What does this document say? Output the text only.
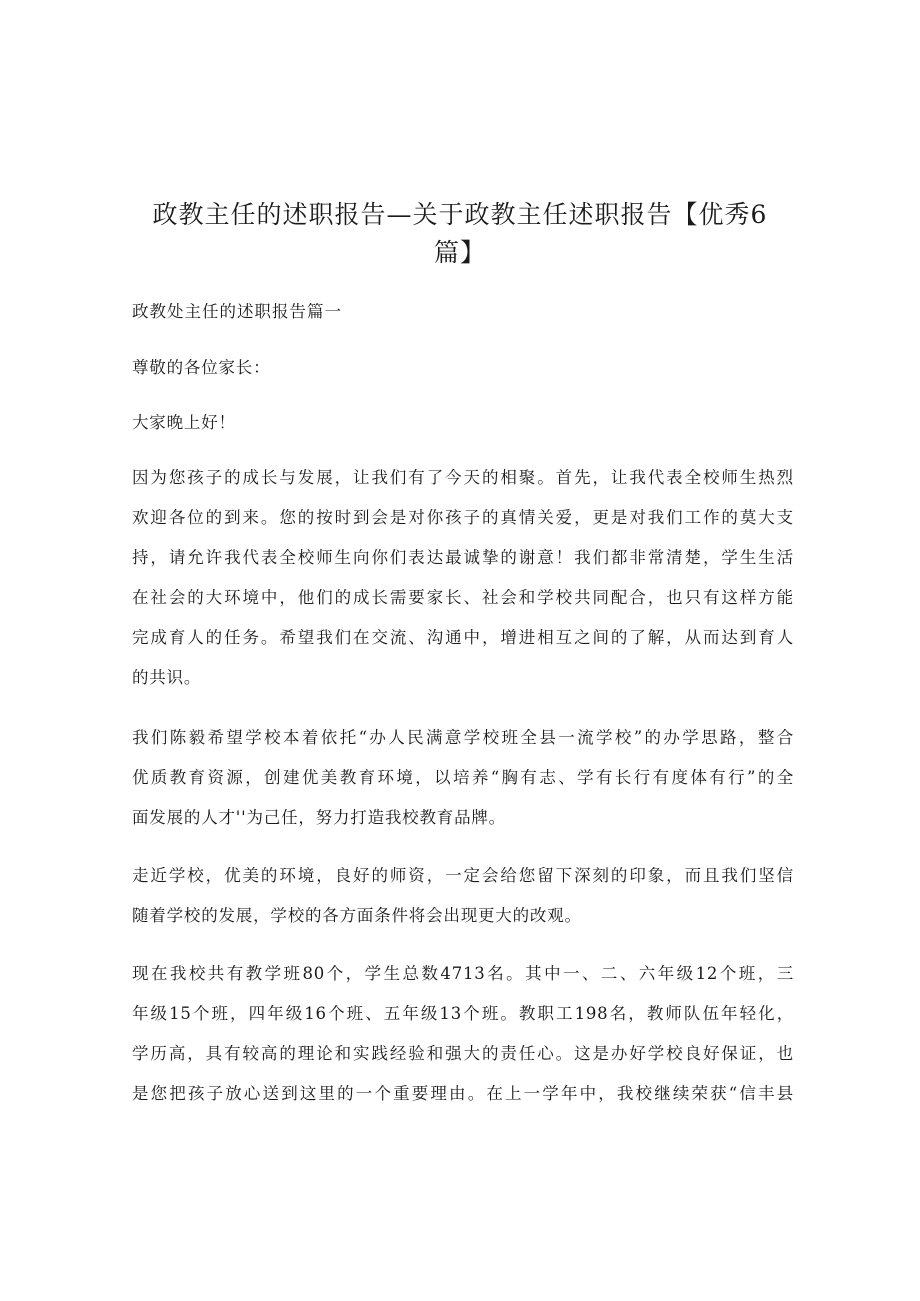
政教主任的述职报告—关于政教主任述职报告【优秀6
篇】

政教处主任的述职报告篇一

尊敬的各位家长：

大家晚上好！

因为您孩子的成长与发展，让我们有了今天的相聚。首先，让我代表全校师生热烈

欢迎各位的到来。您的按时到会是对你孩子的真情关爱，更是对我们工作的莫大支

持，请允许我代表全校师生向你们表达最诚挚的谢意！我们都非常清楚，学生生活

在社会的大环境中，他们的成长需要家长、社会和学校共同配合，也只有这样方能

完成育人的任务。希望我们在交流、沟通中，增进相互之间的了解，从而达到育人

的共识。

我们陈毅希望学校本着依托“办人民满意学校班全县一流学校”的办学思路，整合

优质教育资源，创建优美教育环境，以培养“胸有志、学有长行有度体有行”的全

面发展的人才''为己任，努力打造我校教育品牌。

走近学校，优美的环境，良好的师资，一定会给您留下深刻的印象，而且我们坚信

随着学校的发展，学校的各方面条件将会出现更大的改观。

现在我校共有教学班80个，学生总数4713名。其中一、二、六年级12个班，三

年级15个班，四年级16个班、五年级13个班。教职工198名，教师队伍年轻化，

学历高，具有较高的理论和实践经验和强大的责任心。这是办好学校良好保证，也

是您把孩子放心送到这里的一个重要理由。在上一学年中，我校继续荣获“信丰县
